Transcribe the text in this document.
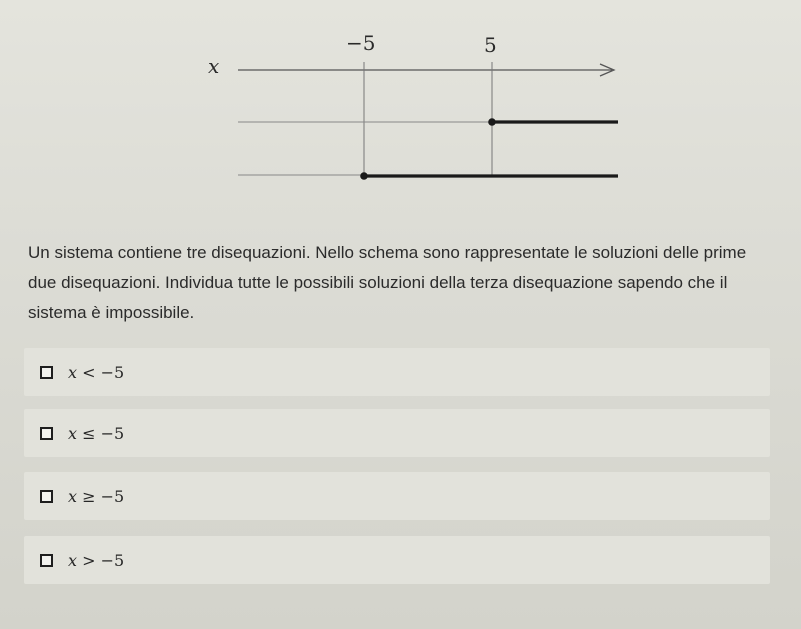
−5	5
x
Un sistema contiene tre disequazioni. Nello schema sono rappresentate le soluzioni delle prime due disequazioni. Individua tutte le possibili soluzioni della terza disequazione sapendo che il sistema è impossibile.
x < −5
x ≤ −5
x ≥ −5
x > −5
